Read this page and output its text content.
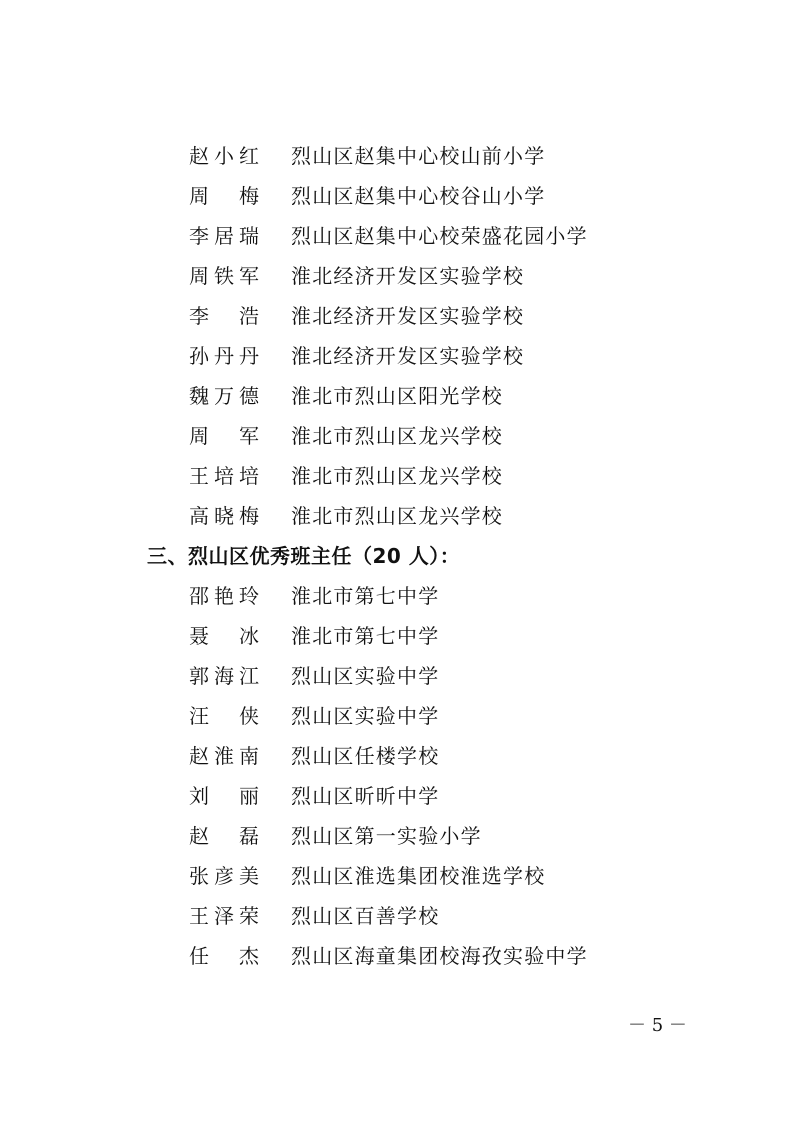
赵 小 红 烈山区赵集中心校山前小学
周 梅 烈山区赵集中心校谷山小学
李 居 瑞 烈山区赵集中心校荣盛花园小学
周 铁 军 淮北经济开发区实验学校
李 浩 淮北经济开发区实验学校
孙 丹 丹 淮北经济开发区实验学校
魏 万 德 淮北市烈山区阳光学校
周 军 淮北市烈山区龙兴学校
王 培 培 淮北市烈山区龙兴学校
高 晓 梅 淮北市烈山区龙兴学校
三、烈山区优秀班主任（20 人）：
邵 艳 玲 淮北市第七中学
聂 冰 淮北市第七中学
郭 海 江 烈山区实验中学
汪 侠 烈山区实验中学
赵 淮 南 烈山区任楼学校
刘 丽 烈山区昕昕中学
赵 磊 烈山区第一实验小学
张 彦 美 烈山区淮选集团校淮选学校
王 泽 荣 烈山区百善学校
任 杰 烈山区海童集团校海孜实验中学
－ 5 －
